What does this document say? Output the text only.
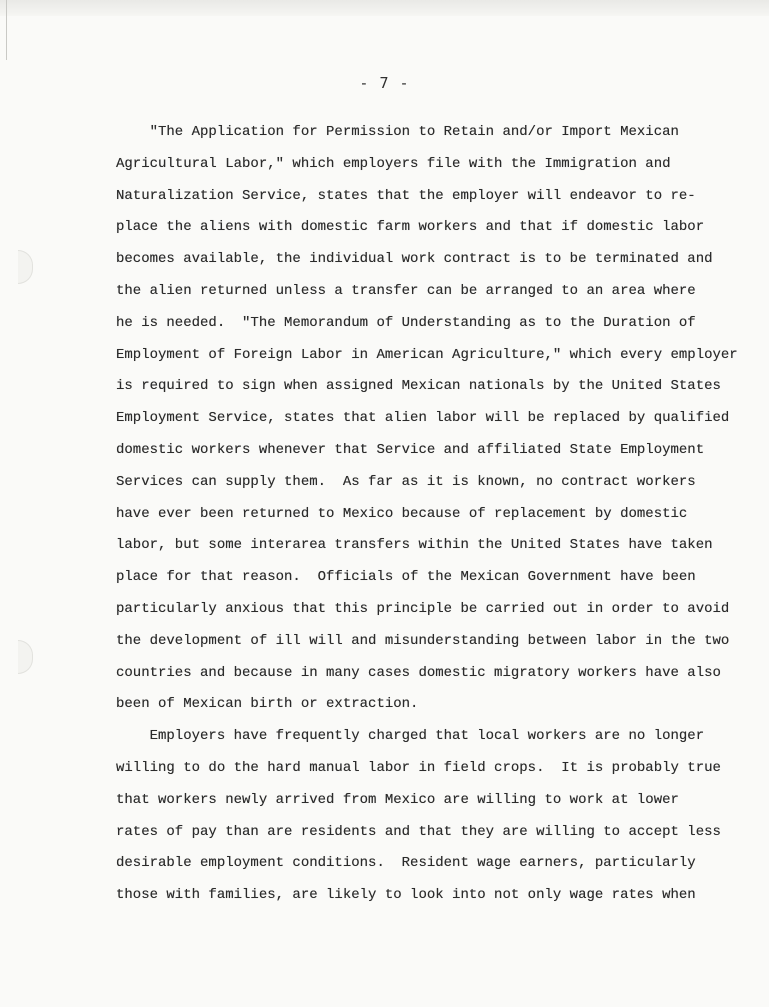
- 7 -
"The Application for Permission to Retain and/or Import Mexican
Agricultural Labor," which employers file with the Immigration and
Naturalization Service, states that the employer will endeavor to re-
place the aliens with domestic farm workers and that if domestic labor
becomes available, the individual work contract is to be terminated and
the alien returned unless a transfer can be arranged to an area where
he is needed.  "The Memorandum of Understanding as to the Duration of
Employment of Foreign Labor in American Agriculture," which every employer
is required to sign when assigned Mexican nationals by the United States
Employment Service, states that alien labor will be replaced by qualified
domestic workers whenever that Service and affiliated State Employment
Services can supply them.  As far as it is known, no contract workers
have ever been returned to Mexico because of replacement by domestic
labor, but some interarea transfers within the United States have taken
place for that reason.  Officials of the Mexican Government have been
particularly anxious that this principle be carried out in order to avoid
the development of ill will and misunderstanding between labor in the two
countries and because in many cases domestic migratory workers have also
been of Mexican birth or extraction.
Employers have frequently charged that local workers are no longer
willing to do the hard manual labor in field crops.  It is probably true
that workers newly arrived from Mexico are willing to work at lower
rates of pay than are residents and that they are willing to accept less
desirable employment conditions.  Resident wage earners, particularly
those with families, are likely to look into not only wage rates when
